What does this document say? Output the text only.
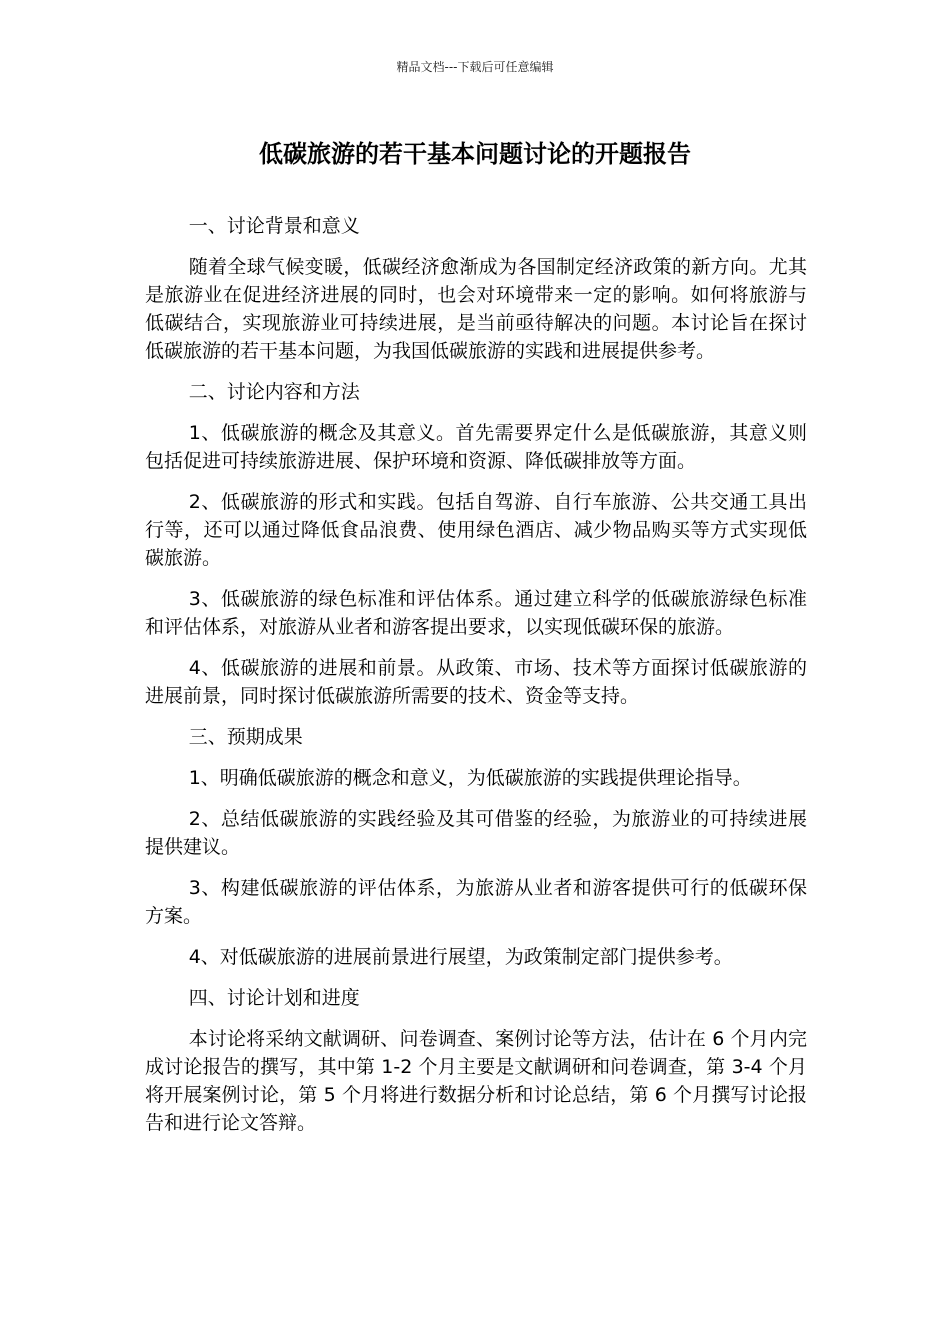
精品文档---下载后可任意编辑
低碳旅游的若干基本问题讨论的开题报告

一、讨论背景和意义

随着全球气候变暖，低碳经济愈渐成为各国制定经济政策的新方向。尤其是旅游业在促进经济进展的同时，也会对环境带来一定的影响。如何将旅游与低碳结合，实现旅游业可持续进展，是当前亟待解决的问题。本讨论旨在探讨低碳旅游的若干基本问题，为我国低碳旅游的实践和进展提供参考。

二、讨论内容和方法

1、低碳旅游的概念及其意义。首先需要界定什么是低碳旅游，其意义则包括促进可持续旅游进展、保护环境和资源、降低碳排放等方面。

2、低碳旅游的形式和实践。包括自驾游、自行车旅游、公共交通工具出行等，还可以通过降低食品浪费、使用绿色酒店、减少物品购买等方式实现低碳旅游。

3、低碳旅游的绿色标准和评估体系。通过建立科学的低碳旅游绿色标准和评估体系，对旅游从业者和游客提出要求，以实现低碳环保的旅游。

4、低碳旅游的进展和前景。从政策、市场、技术等方面探讨低碳旅游的进展前景，同时探讨低碳旅游所需要的技术、资金等支持。

三、预期成果

1、明确低碳旅游的概念和意义，为低碳旅游的实践提供理论指导。

2、总结低碳旅游的实践经验及其可借鉴的经验，为旅游业的可持续进展提供建议。

3、构建低碳旅游的评估体系，为旅游从业者和游客提供可行的低碳环保方案。

4、对低碳旅游的进展前景进行展望，为政策制定部门提供参考。

四、讨论计划和进度

本讨论将采纳文献调研、问卷调查、案例讨论等方法，估计在 6 个月内完成讨论报告的撰写，其中第 1-2 个月主要是文献调研和问卷调查，第 3-4 个月将开展案例讨论，第 5 个月将进行数据分析和讨论总结，第 6 个月撰写讨论报告和进行论文答辩。
